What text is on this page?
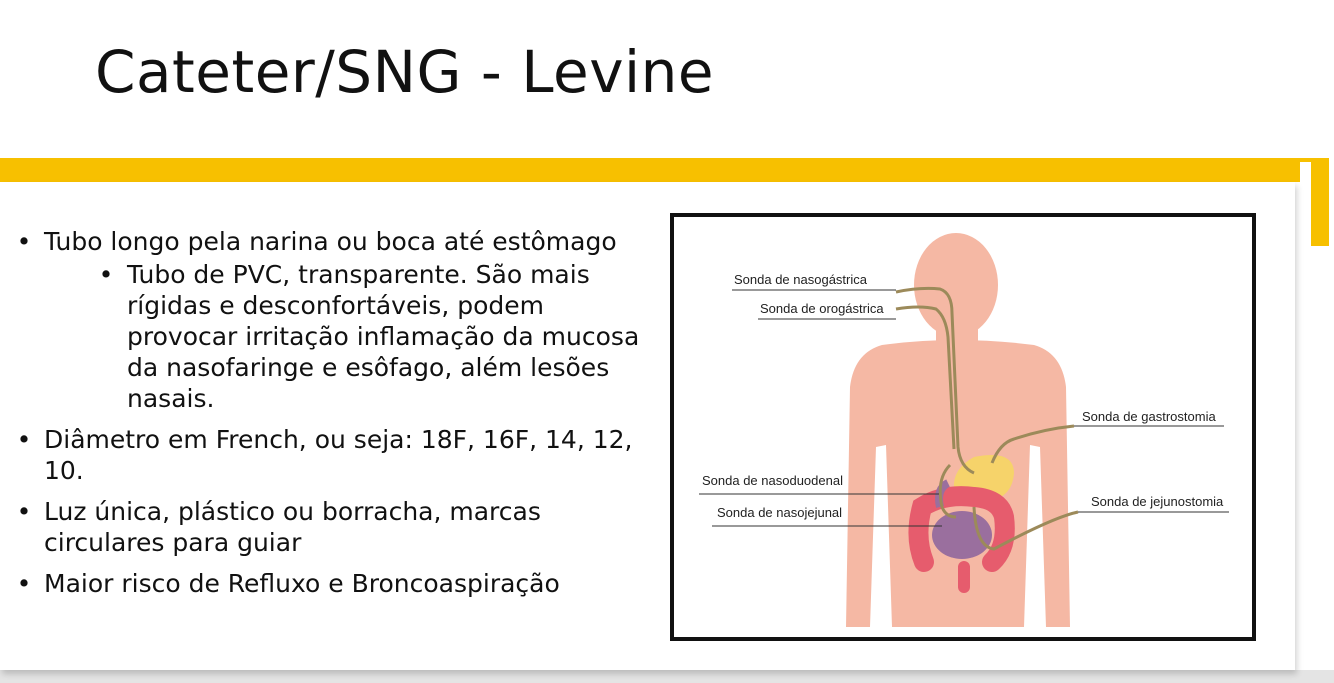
Cateter/SNG - Levine
• Tubo longo pela narina ou boca até estômago
• Tubo de PVC, transparente. São mais rígidas e desconfortáveis, podem provocar irritação inflamação da mucosa da nasofaringe e esôfago, além lesões nasais.
• Diâmetro em French, ou seja: 18F, 16F, 14, 12, 10.
• Luz única, plástico ou borracha, marcas circulares para guiar
• Maior risco de Refluxo e Broncoaspiração
Sonda de nasogástrica
Sonda de orogástrica
Sonda de gastrostomia
Sonda de nasoduodenal
Sonda de nasojejunal
Sonda de jejunostomia
